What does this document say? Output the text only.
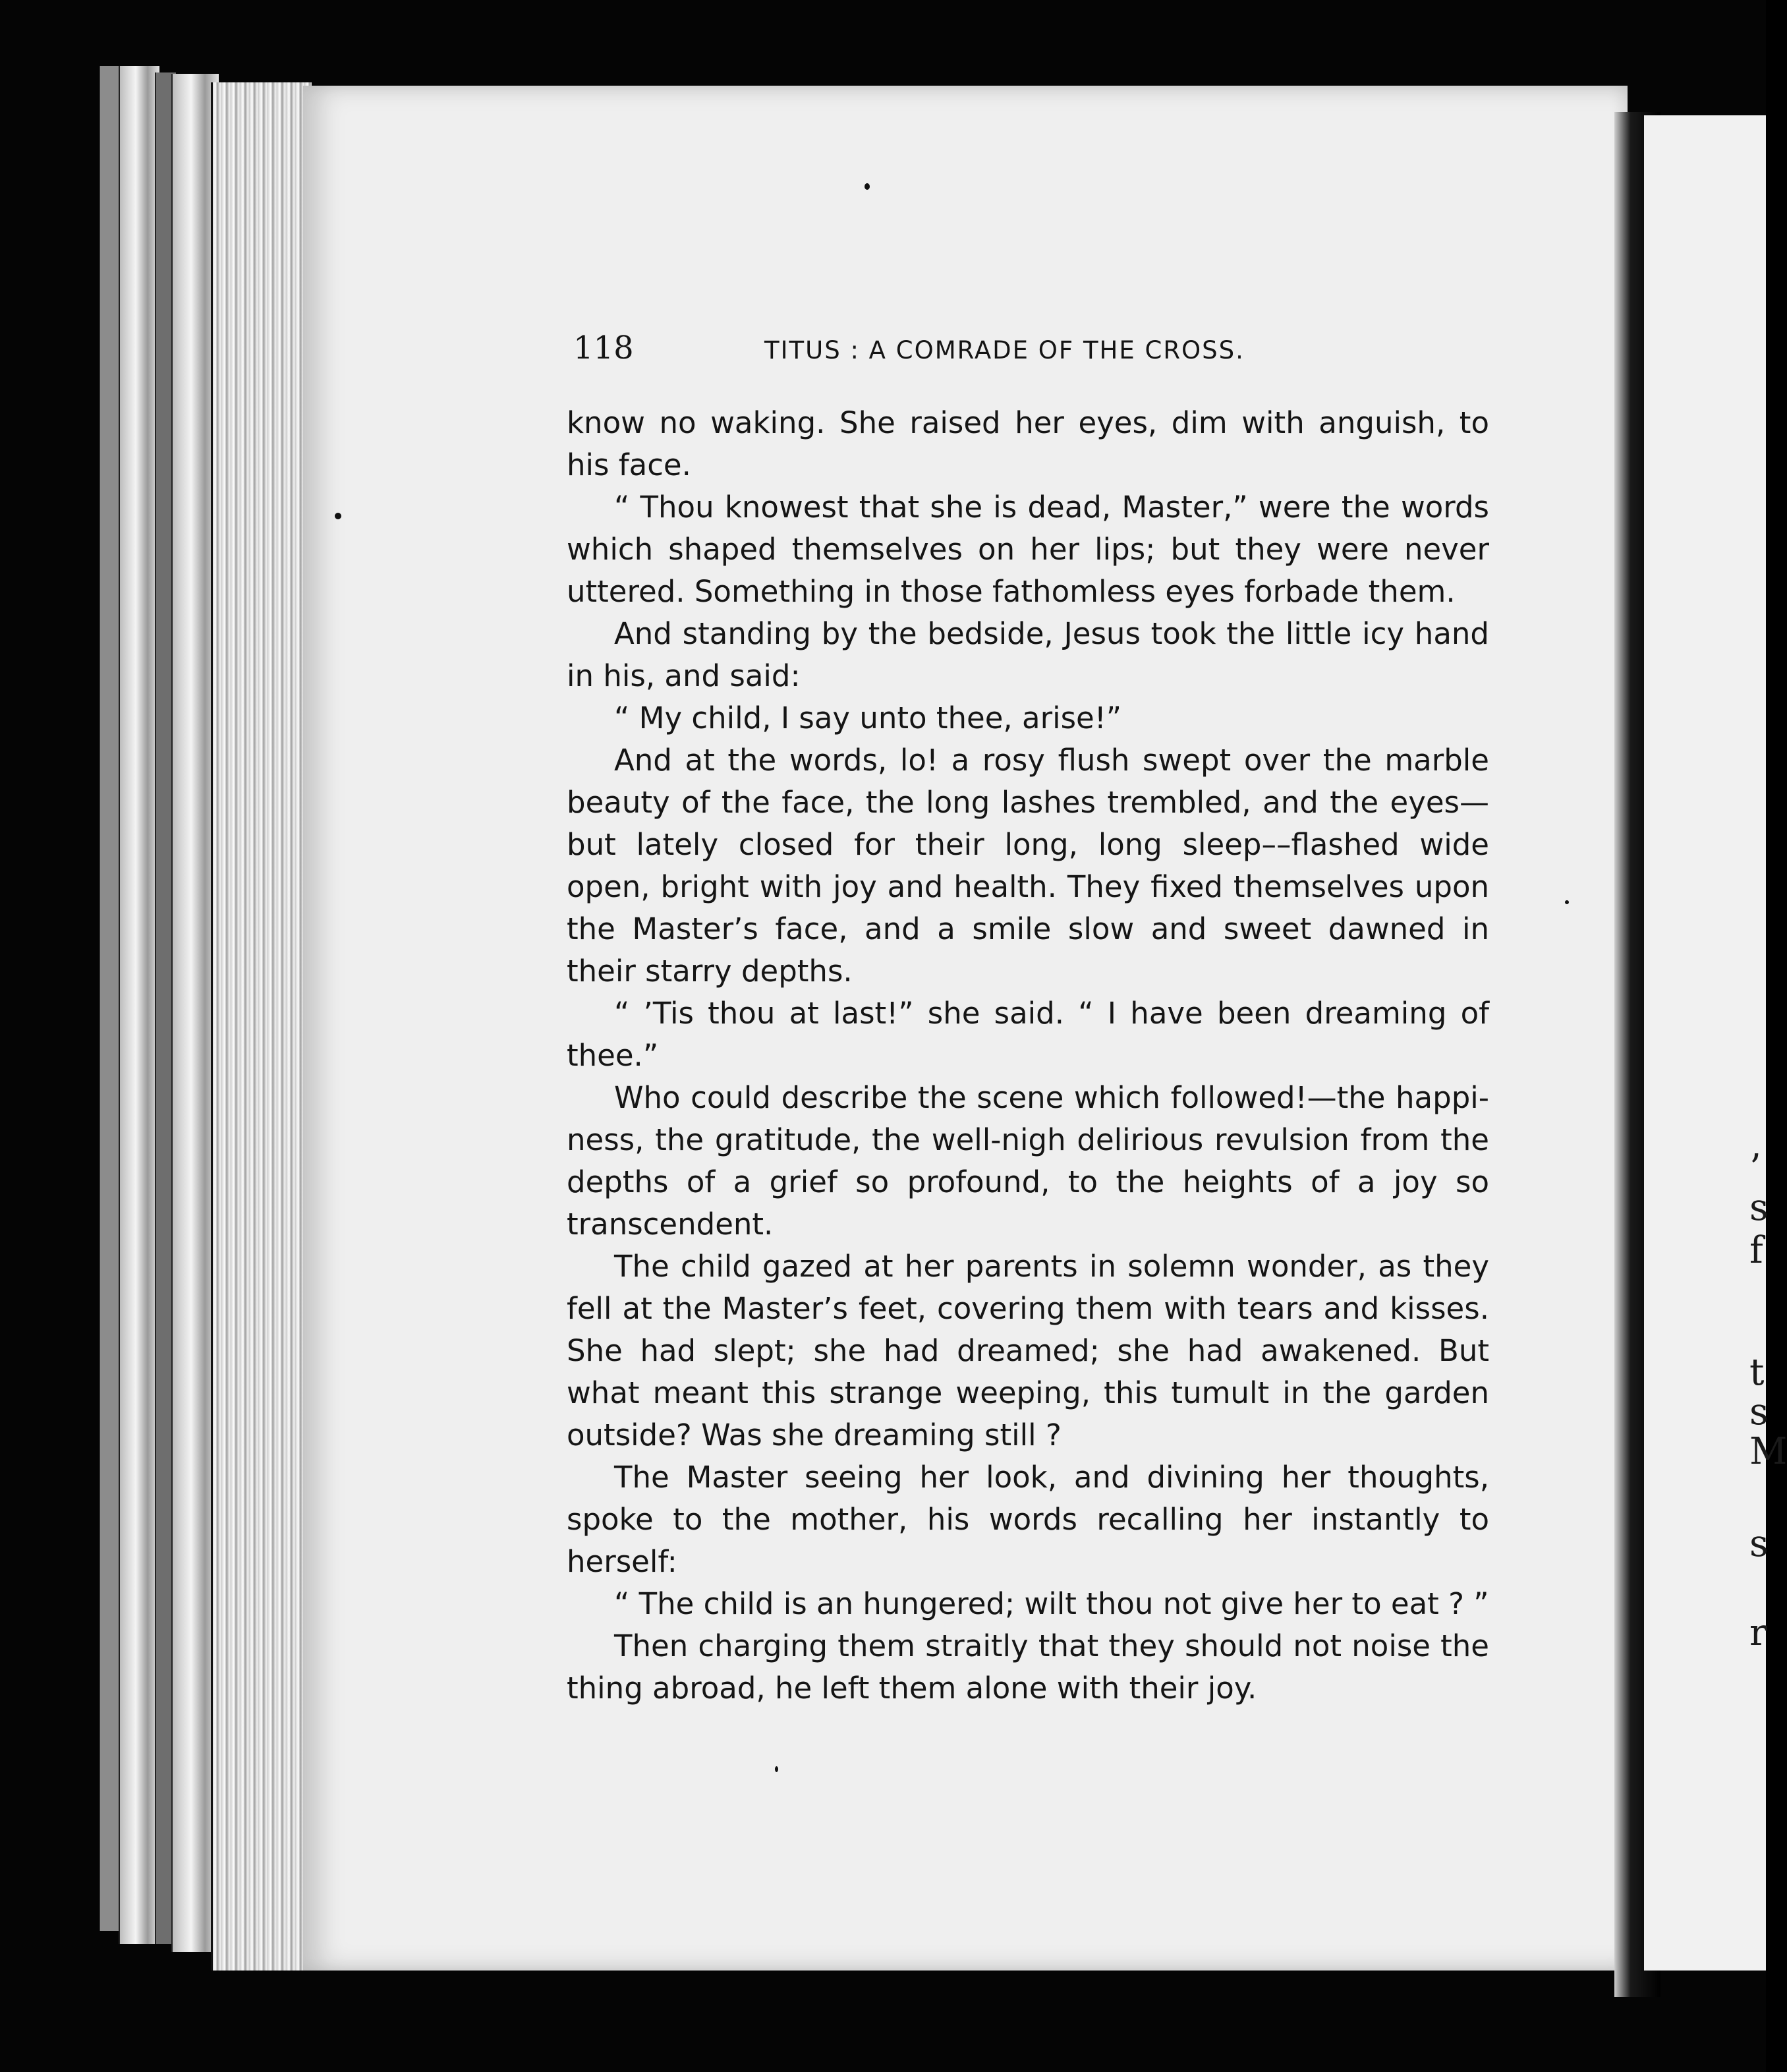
’
s
f
t
s
M
s
r
118	TITUS : A COMRADE OF THE CROSS.

know no waking. She raised her eyes, dim with anguish, to his face.

“ Thou knowest that she is dead, Master,” were the words which shaped themselves on her lips; but they were never uttered. Something in those fathomless eyes forbade them.

And standing by the bedside, Jesus took the little icy hand in his, and said:

“ My child, I say unto thee, arise!”

And at the words, lo! a rosy flush swept over the marble beauty of the face, the long lashes trembled, and the eyes— but lately closed for their long, long sleep––flashed wide open, bright with joy and health. They fixed themselves upon the Master’s face, and a smile slow and sweet dawned in their starry depths.

“ ’Tis thou at last!” she said. “ I have been dreaming of thee.”

Who could describe the scene which followed!—the happi- ness, the gratitude, the well-nigh delirious revulsion from the depths of a grief so profound, to the heights of a joy so transcendent.

The child gazed at her parents in solemn wonder, as they fell at the Master’s feet, covering them with tears and kisses. She had slept; she had dreamed; she had awakened. But what meant this strange weeping, this tumult in the garden outside? Was she dreaming still ?

The Master seeing her look, and divining her thoughts, spoke to the mother, his words recalling her instantly to herself:

“ The child is an hungered; wilt thou not give her to eat ? ”

Then charging them straitly that they should not noise the thing abroad, he left them alone with their joy.
